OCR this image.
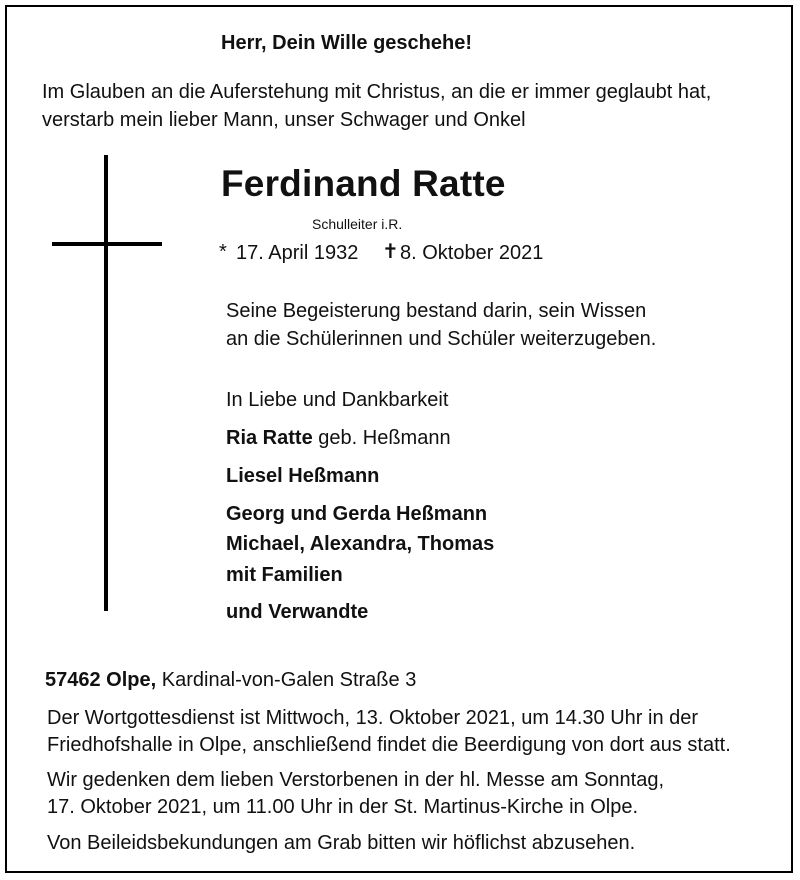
Herr, Dein Wille geschehe!
Im Glauben an die Auferstehung mit Christus, an die er immer geglaubt hat,
verstarb mein lieber Mann, unser Schwager und Onkel
Ferdinand Ratte
Schulleiter i.R.
* 17. April 1932 ✝ 8. Oktober 2021
Seine Begeisterung bestand darin, sein Wissen
an die Schülerinnen und Schüler weiterzugeben.
In Liebe und Dankbarkeit
Ria Ratte geb. Heßmann
Liesel Heßmann
Georg und Gerda Heßmann
Michael, Alexandra, Thomas
mit Familien
und Verwandte
57462 Olpe, Kardinal-von-Galen Straße 3
Der Wortgottesdienst ist Mittwoch, 13. Oktober 2021, um 14.30 Uhr in der
Friedhofshalle in Olpe, anschließend findet die Beerdigung von dort aus statt.
Wir gedenken dem lieben Verstorbenen in der hl. Messe am Sonntag,
17. Oktober 2021, um 11.00 Uhr in der St. Martinus-Kirche in Olpe.
Von Beileidsbekundungen am Grab bitten wir höflichst abzusehen.
